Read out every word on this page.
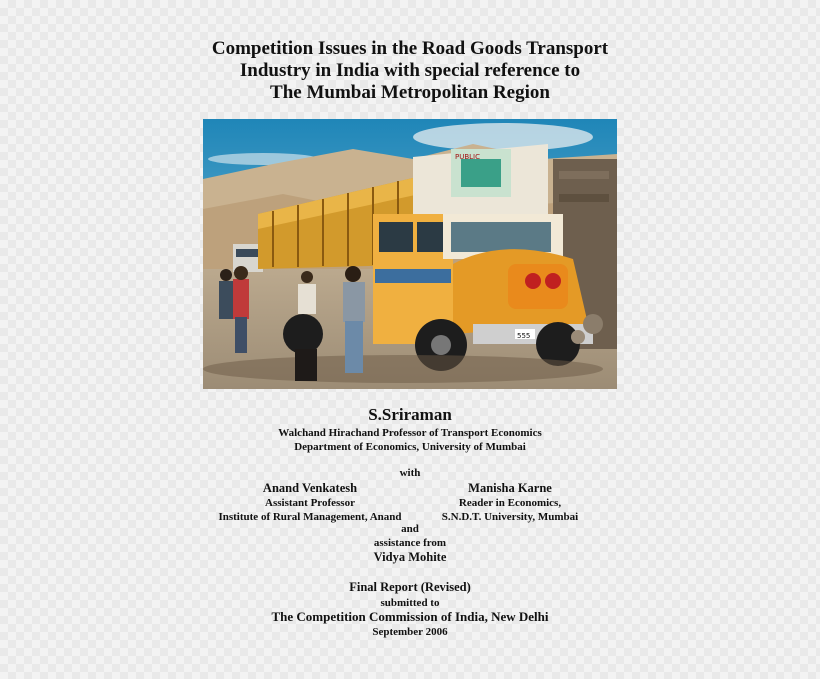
Competition Issues in the Road Goods Transport
Industry in India with special reference to
The Mumbai Metropolitan Region
PUBLIC
555
S.Sriraman
Walchand Hirachand Professor of Transport Economics
Department of Economics, University of Mumbai
with
Anand Venkatesh
Assistant Professor
Institute of Rural Management, Anand
Manisha Karne
Reader in Economics,
S.N.D.T. University, Mumbai
and
assistance from
Vidya Mohite
Final Report (Revised)
submitted to
The Competition Commission of India, New Delhi
September 2006
